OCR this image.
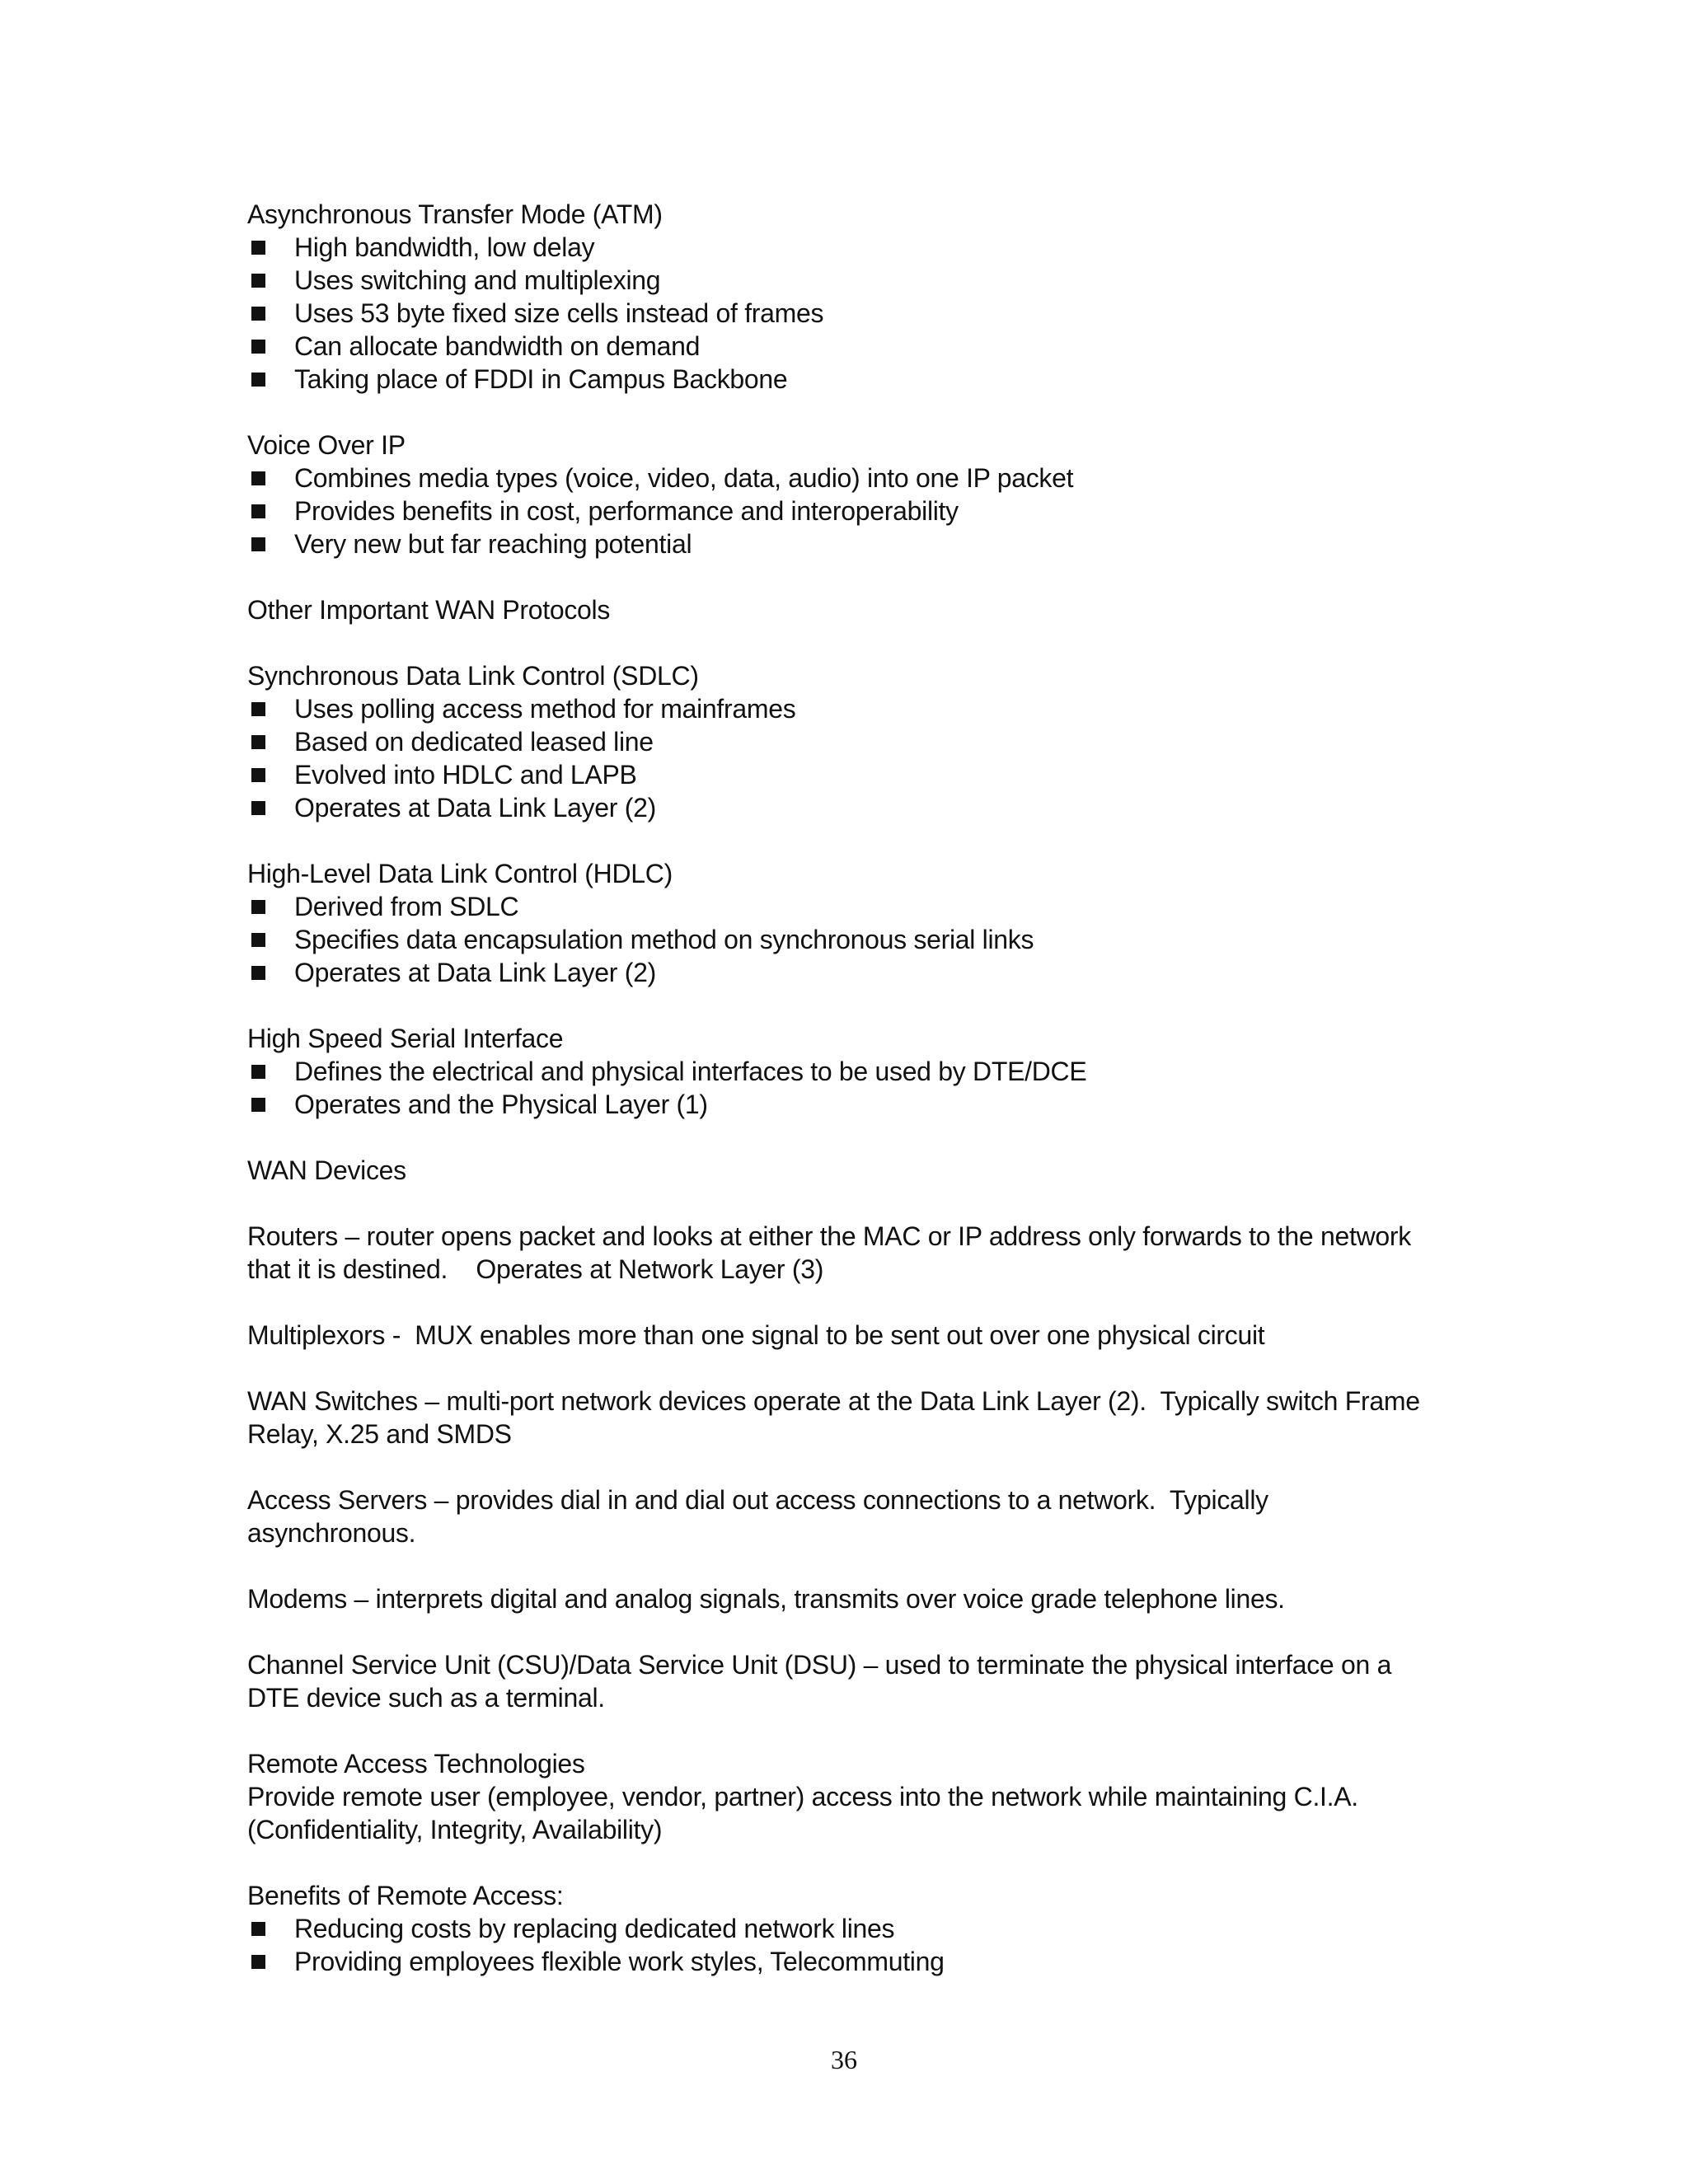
Asynchronous Transfer Mode (ATM)
High bandwidth, low delay
Uses switching and multiplexing
Uses 53 byte fixed size cells instead of frames
Can allocate bandwidth on demand
Taking place of FDDI in Campus Backbone
Voice Over IP
Combines media types (voice, video, data, audio) into one IP packet
Provides benefits in cost, performance and interoperability
Very new but far reaching potential
Other Important WAN Protocols
Synchronous Data Link Control (SDLC)
Uses polling access method for mainframes
Based on dedicated leased line
Evolved into HDLC and LAPB
Operates at Data Link Layer (2)
High-Level Data Link Control (HDLC)
Derived from SDLC
Specifies data encapsulation method on synchronous serial links
Operates at Data Link Layer (2)
High Speed Serial Interface
Defines the electrical and physical interfaces to be used by DTE/DCE
Operates and the Physical Layer (1)
WAN Devices
Routers – router opens packet and looks at either the MAC or IP address only forwards to the network that it is destined.    Operates at Network Layer (3)
Multiplexors -  MUX enables more than one signal to be sent out over one physical circuit
WAN Switches – multi-port network devices operate at the Data Link Layer (2).  Typically switch Frame Relay, X.25 and SMDS
Access Servers – provides dial in and dial out access connections to a network.  Typically asynchronous.
Modems – interprets digital and analog signals, transmits over voice grade telephone lines.
Channel Service Unit (CSU)/Data Service Unit (DSU) – used to terminate the physical interface on a DTE device such as a terminal.
Remote Access Technologies
Provide remote user (employee, vendor, partner) access into the network while maintaining C.I.A. (Confidentiality, Integrity, Availability)
Benefits of Remote Access:
Reducing costs by replacing dedicated network lines
Providing employees flexible work styles, Telecommuting
36
